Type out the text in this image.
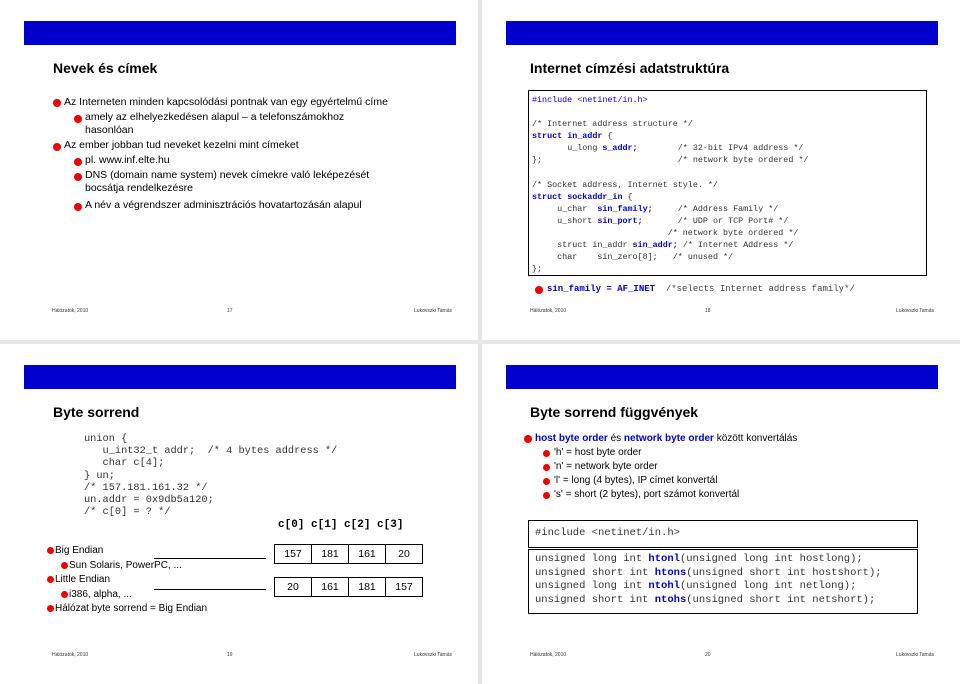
Nevek és címek
Az Interneten minden kapcsolódási pontnak van egy egyértelmű címe
amely az elhelyezkedésen alapul – a telefonszámokhoz hasonlóan
Az ember jobban tud neveket kezelni mint címeket
pl. www.inf.elte.hu
DNS (domain name system) nevek címekre való leképezését bocsátja rendelkezésre
A név a végrendszer adminisztrációs hovatartozásán alapul
Hálózatok, 2010	17	Lukovszki Tamás
Internet címzési adatstruktúra
#include <netinet/in.h>

/* Internet address structure */
struct in_addr {
u_long s_addr;	/* 32-bit IPv4 address */
};	/* network byte ordered */

/* Socket address, Internet style. */
struct sockaddr_in {
u_char sin_family;	/* Address Family */
u_short sin_port;	/* UDP or TCP Port# */
/* network byte ordered */
struct in_addr sin_addr; /* Internet Address */
char sin_zero[8]; /* unused */
};
sin_family = AF_INET /*selects Internet address family*/
Hálózatok, 2010	18	Lukovszki Tamás
Byte sorrend
union {
u_int32_t addr;  /* 4 bytes address */
char c[4];
} un;
/* 157.181.161.32 */
un.addr = 0x9db5a120;
/* c[0] = ? */
c[0] c[1] c[2] c[3]
157	181	161	20
20	161	181	157
Big Endian
Sun Solaris, PowerPC, ...
Little Endian
i386, alpha, ...
Hálózat byte sorrend = Big Endian
Hálózatok, 2010	19	Lukovszki Tamás
Byte sorrend függvények
host byte order és network byte order között konvertálás
'h' = host byte order
'n' = network byte order
'l' = long (4 bytes), IP címet konvertál
's' = short (2 bytes), port számot konvertál
#include <netinet/in.h>
unsigned long int htonl(unsigned long int hostlong);
unsigned short int htons(unsigned short int hostshort);
unsigned long int ntohl(unsigned long int netlong);
unsigned short int ntohs(unsigned short int netshort);
Hálózatok, 2010	20	Lukovszki Tamás
